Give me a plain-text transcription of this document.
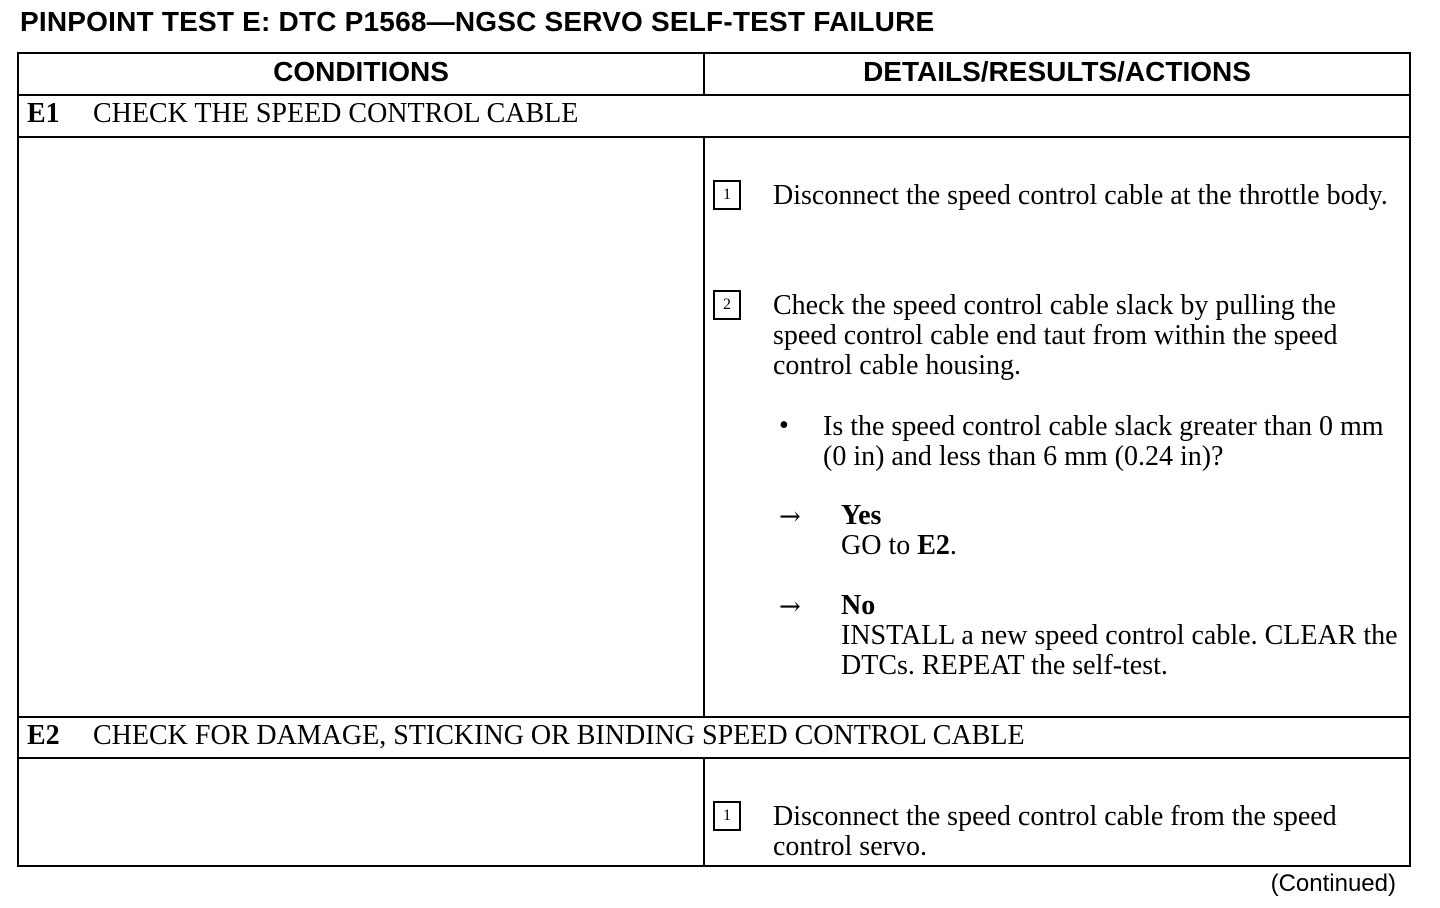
PINPOINT TEST E: DTC P1568—NGSC SERVO SELF-TEST FAILURE
CONDITIONS	DETAILS/RESULTS/ACTIONS
E1 CHECK THE SPEED CONTROL CABLE
1	Disconnect the speed control cable at the throttle body.
2	Check the speed control cable slack by pulling the speed control cable end taut from within the speed control cable housing.
• Is the speed control cable slack greater than 0 mm (0 in) and less than 6 mm (0.24 in)?
→ Yes
GO to E2.
→ No
INSTALL a new speed control cable. CLEAR the DTCs. REPEAT the self-test.
E2 CHECK FOR DAMAGE, STICKING OR BINDING SPEED CONTROL CABLE
1	Disconnect the speed control cable from the speed control servo.
(Continued)
